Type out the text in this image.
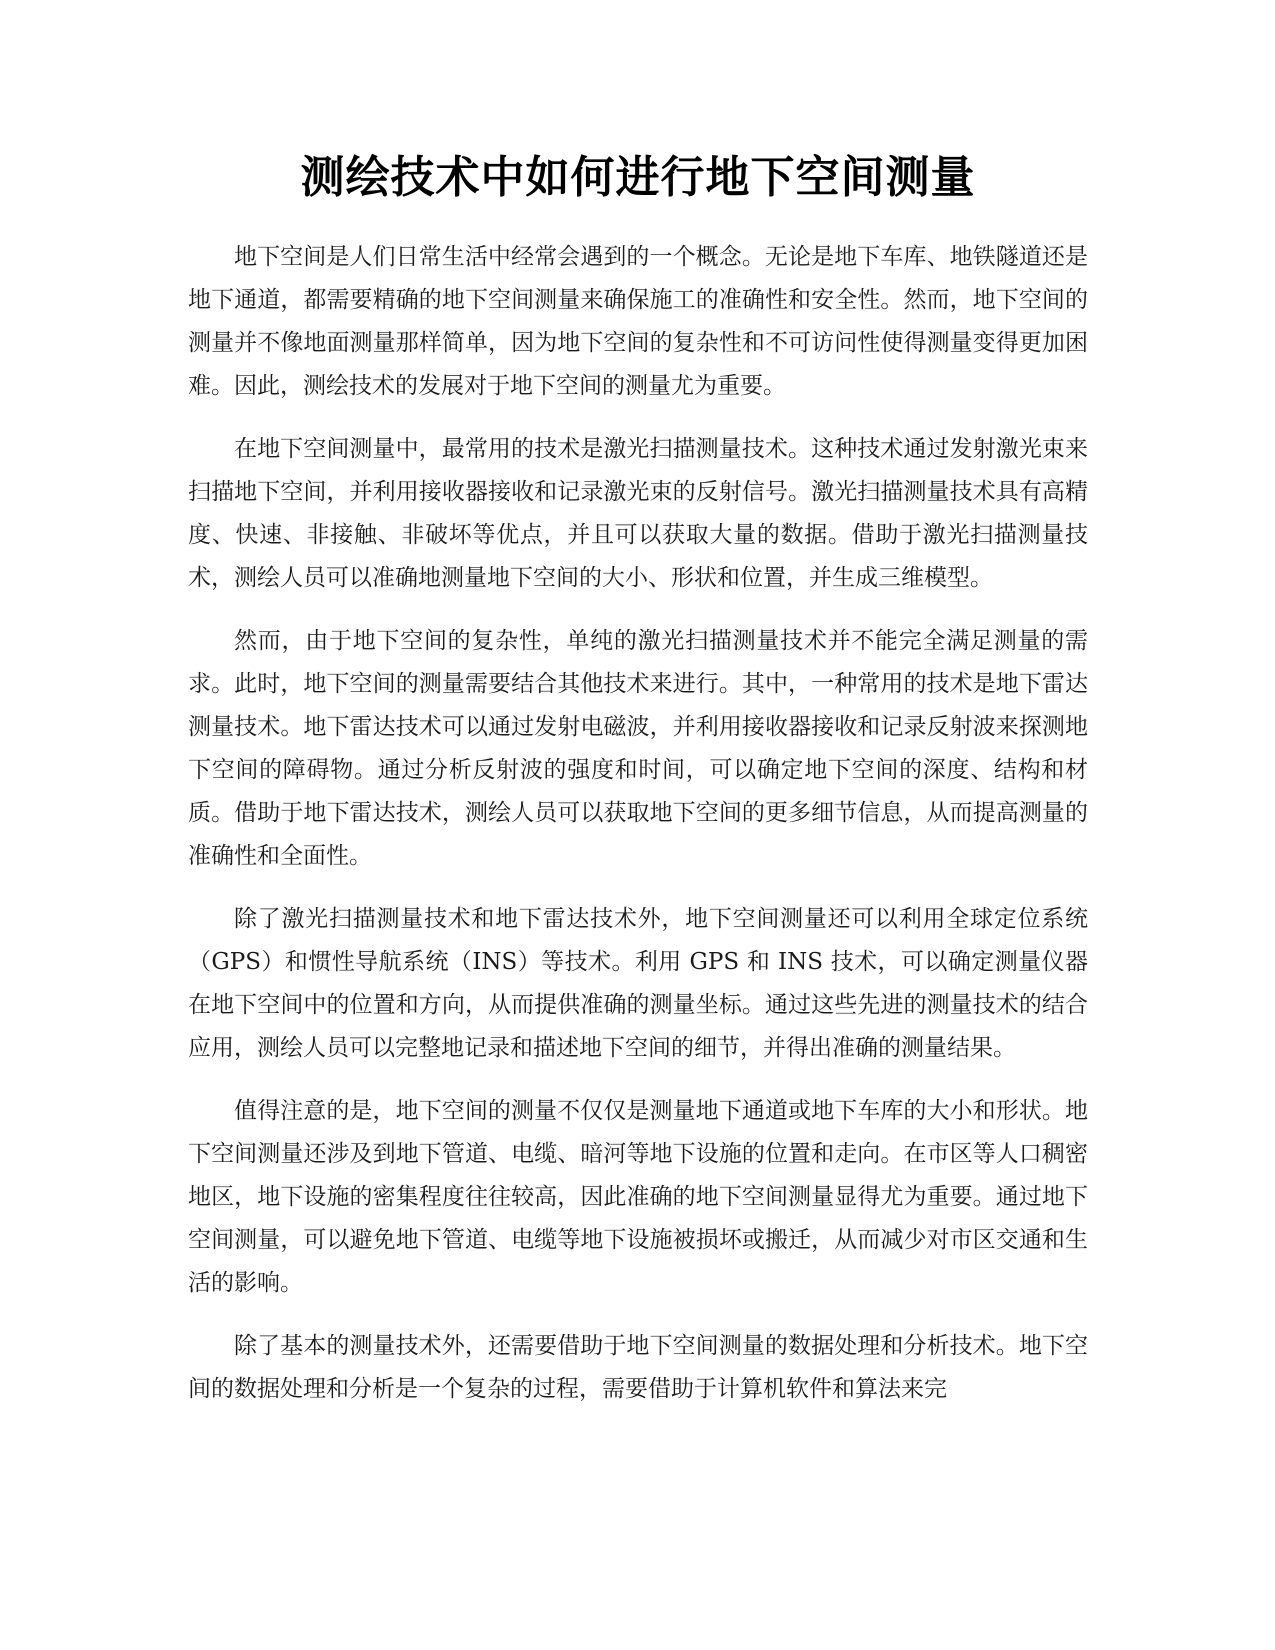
测绘技术中如何进行地下空间测量

地下空间是人们日常生活中经常会遇到的一个概念。无论是地下车库、地铁隧道还是地下通道，都需要精确的地下空间测量来确保施工的准确性和安全性。然而，地下空间的测量并不像地面测量那样简单，因为地下空间的复杂性和不可访问性使得测量变得更加困难。因此，测绘技术的发展对于地下空间的测量尤为重要。

在地下空间测量中，最常用的技术是激光扫描测量技术。这种技术通过发射激光束来扫描地下空间，并利用接收器接收和记录激光束的反射信号。激光扫描测量技术具有高精度、快速、非接触、非破坏等优点，并且可以获取大量的数据。借助于激光扫描测量技术，测绘人员可以准确地测量地下空间的大小、形状和位置，并生成三维模型。

然而，由于地下空间的复杂性，单纯的激光扫描测量技术并不能完全满足测量的需求。此时，地下空间的测量需要结合其他技术来进行。其中，一种常用的技术是地下雷达测量技术。地下雷达技术可以通过发射电磁波，并利用接收器接收和记录反射波来探测地下空间的障碍物。通过分析反射波的强度和时间，可以确定地下空间的深度、结构和材质。借助于地下雷达技术，测绘人员可以获取地下空间的更多细节信息，从而提高测量的准确性和全面性。

除了激光扫描测量技术和地下雷达技术外，地下空间测量还可以利用全球定位系统（GPS）和惯性导航系统（INS）等技术。利用 GPS 和 INS 技术，可以确定测量仪器在地下空间中的位置和方向，从而提供准确的测量坐标。通过这些先进的测量技术的结合应用，测绘人员可以完整地记录和描述地下空间的细节，并得出准确的测量结果。

值得注意的是，地下空间的测量不仅仅是测量地下通道或地下车库的大小和形状。地下空间测量还涉及到地下管道、电缆、暗河等地下设施的位置和走向。在市区等人口稠密地区，地下设施的密集程度往往较高，因此准确的地下空间测量显得尤为重要。通过地下空间测量，可以避免地下管道、电缆等地下设施被损坏或搬迁，从而减少对市区交通和生活的影响。

除了基本的测量技术外，还需要借助于地下空间测量的数据处理和分析技术。地下空间的数据处理和分析是一个复杂的过程，需要借助于计算机软件和算法来完
